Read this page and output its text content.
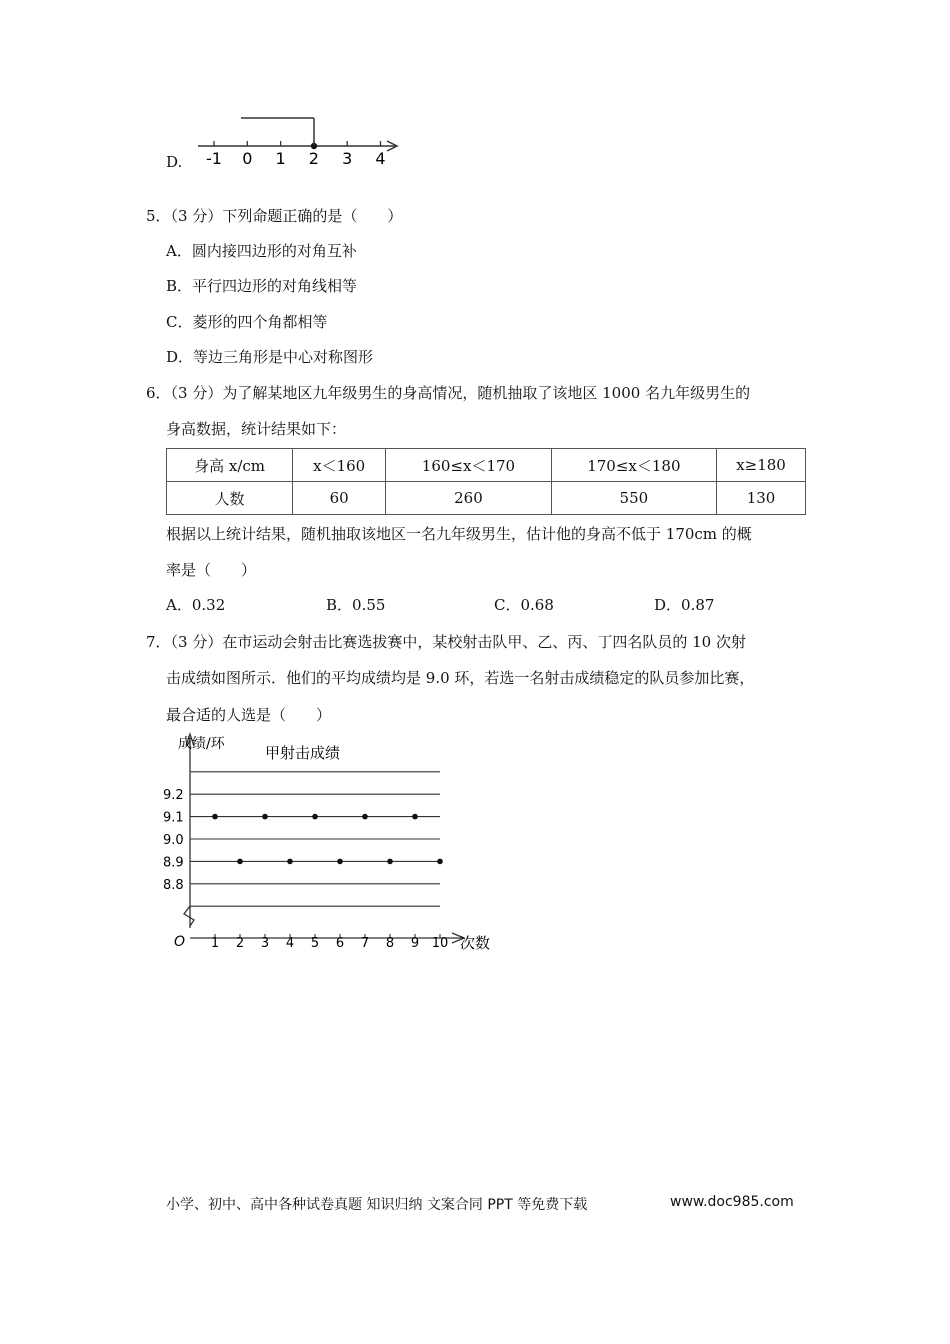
D. -1 0 1 2 3 4
5．（3 分）下列命题正确的是（　　）
A．圆内接四边形的对角互补
B．平行四边形的对角线相等
C．菱形的四个角都相等
D．等边三角形是中心对称图形
6．（3 分）为了解某地区九年级男生的身高情况，随机抽取了该地区 1000 名九年级男生的
身高数据，统计结果如下：
身高 x/cm	x＜160	160≤x＜170	170≤x＜180	x≥180
人数	60	260	550	130
根据以上统计结果，随机抽取该地区一名九年级男生，估计他的身高不低于 170cm 的概
率是（　　）
A．0.32	B．0.55	C．0.68	D．0.87
7．（3 分）在市运动会射击比赛选拔赛中，某校射击队甲、乙、丙、丁四名队员的 10 次射
击成绩如图所示．他们的平均成绩均是 9.0 环，若选一名射击成绩稳定的队员参加比赛，
最合适的人选是（　　）
成绩/环	甲射击成绩
次数
O
9.2
9.1
9.0
8.9
8.8
1 2 3 4 5 6 7 8 9 10
小学、初中、高中各种试卷真题 知识归纳 文案合同 PPT 等免费下载	www.doc985.com
